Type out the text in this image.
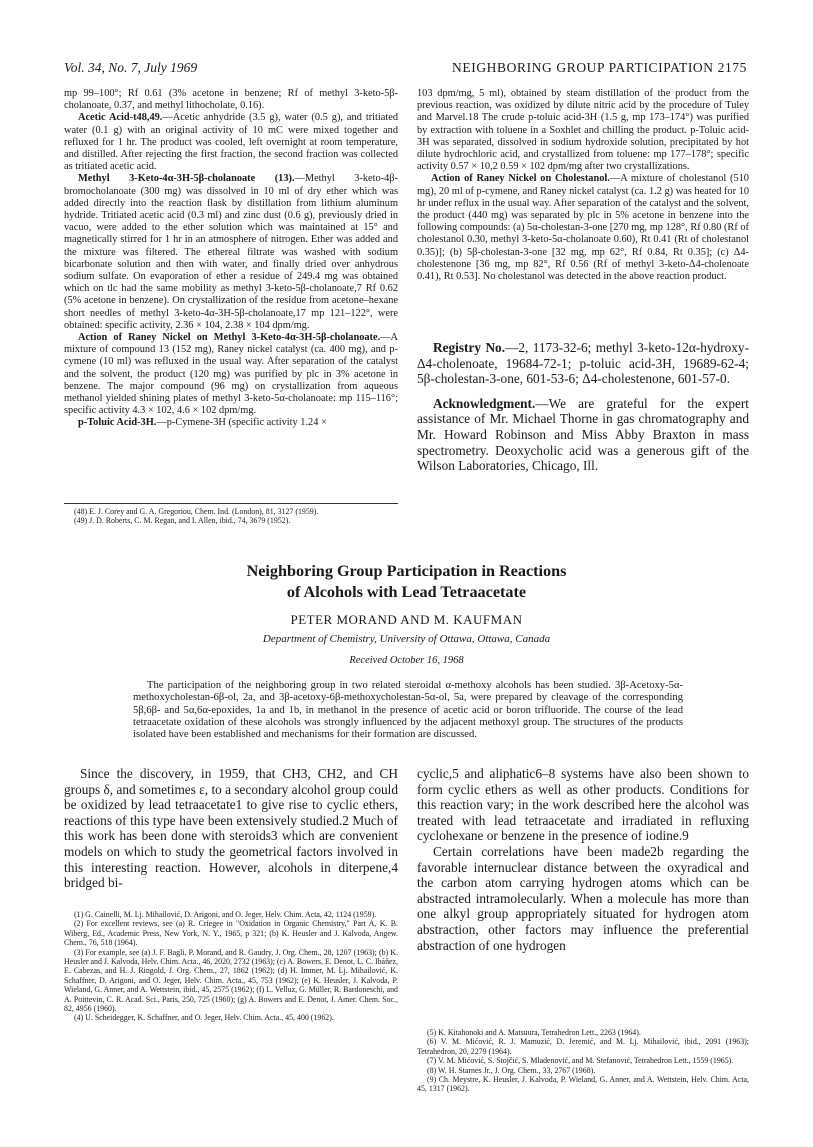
Vol. 34, No. 7, July 1969	NEIGHBORING GROUP PARTICIPATION 2175

mp 99–100°; Rf 0.61 (3% acetone in benzene; Rf of methyl 3-keto-5β-cholanoate, 0.37, and methyl lithocholate, 0.16).

Acetic Acid-t48,49.—Acetic anhydride (3.5 g), water (0.5 g), and tritiated water (0.1 g) with an original activity of 10 mC were mixed together and refluxed for 1 hr. The product was cooled, left overnight at room temperature, and distilled. After rejecting the first fraction, the second fraction was collected as tritiated acetic acid.

Methyl 3-Keto-4α-3H-5β-cholanoate (13).—Methyl 3-keto-4β-bromocholanoate (300 mg) was dissolved in 10 ml of dry ether which was added directly into the reaction flask by distillation from lithium aluminum hydride. Tritiated acetic acid (0.3 ml) and zinc dust (0.6 g), previously dried in vacuo, were added to the ether solution which was maintained at 15° and magnetically stirred for 1 hr in an atmosphere of nitrogen. Ether was added and the mixture was filtered. The ethereal filtrate was washed with sodium bicarbonate solution and then with water, and finally dried over anhydrous sodium sulfate. On evaporation of ether a residue of 249.4 mg was obtained which on tlc had the same mobility as methyl 3-keto-5β-cholanoate,7 Rf 0.62 (5% acetone in benzene). On crystallization of the residue from acetone–hexane short needles of methyl 3-keto-4α-3H-5β-cholanoate,17 mp 121–122°, were obtained: specific activity, 2.36 × 104, 2.38 × 104 dpm/mg.

Action of Raney Nickel on Methyl 3-Keto-4α-3H-5β-cholanoate.—A mixture of compound 13 (152 mg), Raney nickel catalyst (ca. 400 mg), and p-cymene (10 ml) was refluxed in the usual way. After separation of the catalyst and the solvent, the product (120 mg) was purified by plc in 3% acetone in benzene. The major compound (96 mg) on crystallization from aqueous methanol yielded shining plates of methyl 3-keto-5α-cholanoate: mp 115–116°; specific activity 4.3 × 102, 4.6 × 102 dpm/mg.

p-Toluic Acid-3H.—p-Cymene-3H (specific activity 1.24 ×

(48) E. J. Corey and G. A. Gregoriou, Chem. Ind. (London), 81, 3127 (1959).

(49) J. D. Roberts, C. M. Regan, and I. Allen, ibid., 74, 3679 (1952).

103 dpm/mg, 5 ml), obtained by steam distillation of the product from the previous reaction, was oxidized by dilute nitric acid by the procedure of Tuley and Marvel.18 The crude p-toluic acid-3H (1.5 g, mp 173–174°) was purified by extraction with toluene in a Soxhlet and chilling the product. p-Toluic acid-3H was separated, dissolved in sodium hydroxide solution, precipitated by hot dilute hydrochloric acid, and crystallized from toluene: mp 177–178°; specific activity 0.57 × 10,2 0.59 × 102 dpm/mg after two crystallizations.

Action of Raney Nickel on Cholestanol.—A mixture of cholestanol (510 mg), 20 ml of p-cymene, and Raney nickel catalyst (ca. 1.2 g) was heated for 10 hr under reflux in the usual way. After separation of the catalyst and the solvent, the product (440 mg) was separated by plc in 5% acetone in benzene into the following compounds: (a) 5α-cholestan-3-one [270 mg, mp 128°, Rf 0.80 (Rf of cholestanol 0.30, methyl 3-keto-5α-cholanoate 0.60), Rt 0.41 (Rt of cholestanol 0.35)]; (b) 5β-cholestan-3-one [32 mg, mp 62°, Rf 0.84, Rt 0.35]; (c) Δ4-cholestenone [36 mg, mp 82°, Rf 0.56 (Rf of methyl 3-keto-Δ4-cholenoate 0.41), Rt 0.53]. No cholestanol was detected in the above reaction product.

Registry No.—2, 1173-32-6; methyl 3-keto-12α-hydroxy-Δ4-cholenoate, 19684-72-1; p-toluic acid-3H, 19689-62-4; 5β-cholestan-3-one, 601-53-6; Δ4-cholestenone, 601-57-0.

Acknowledgment.—We are grateful for the expert assistance of Mr. Michael Thorne in gas chromatography and Mr. Howard Robinson and Miss Abby Braxton in mass spectrometry. Deoxycholic acid was a generous gift of the Wilson Laboratories, Chicago, Ill.

Neighboring Group Participation in Reactions
of Alcohols with Lead Tetraacetate
PETER MORAND AND M. KAUFMAN
Department of Chemistry, University of Ottawa, Ottawa, Canada
Received October 16, 1968
The participation of the neighboring group in two related steroidal α-methoxy alcohols has been studied. 3β-Acetoxy-5α-methoxycholestan-6β-ol, 2a, and 3β-acetoxy-6β-methoxycholestan-5α-ol, 5a, were prepared by cleavage of the corresponding 5β,6β- and 5α,6α-epoxides, 1a and 1b, in methanol in the presence of acetic acid or boron trifluoride. The course of the lead tetraacetate oxidation of these alcohols was strongly influenced by the adjacent methoxyl group. The structures of the products isolated have been established and mechanisms for their formation are discussed.

Since the discovery, in 1959, that CH3, CH2, and CH groups δ, and sometimes ε, to a secondary alcohol group could be oxidized by lead tetraacetate1 to give rise to cyclic ethers, reactions of this type have been extensively studied.2 Much of this work has been done with steroids3 which are convenient models on which to study the geometrical factors involved in this interesting reaction. However, alcohols in diterpene,4 bridged bi-

(1) G. Cainelli, M. Lj. Mihailović, D. Arigoni, and O. Jeger, Helv. Chim. Acta, 42, 1124 (1959).

(2) For excellent reviews, see (a) R. Criegee in "Oxidation in Organic Chemistry," Part A, K. B. Wiberg, Ed., Academic Press, New York, N. Y., 1965, p 321; (b) K. Heusler and J. Kalvoda, Angew. Chem., 76, 518 (1964).

(3) For example, see (a) J. F. Bagli, P. Morand, and R. Gaudry, J. Org. Chem., 28, 1207 (1963); (b) K. Heusler and J. Kalvoda, Helv. Chim. Acta., 46, 2020, 2732 (1963); (c) A. Bowers, E. Denot, L. C. Ibáñez, E. Cabezas, and H. J. Ringold, J. Org. Chem., 27, 1862 (1962); (d) H. Immer, M. Lj. Mihailović, K. Schaffner, D. Arigoni, and O. Jeger, Helv. Chim. Acta., 45, 753 (1962); (e) K. Heusler, J. Kalvoda, P. Wieland, G. Anner, and A. Wettstein, ibid., 45, 2575 (1962); (f) L. Velluz, G. Müller, R. Bardoneschi, and A. Poittevin, C. R. Acad. Sci., Paris, 250, 725 (1960); (g) A. Bowers and E. Denot, J. Amer. Chem. Soc., 82, 4956 (1960).

(4) U. Scheidegger, K. Schaffner, and O. Jeger, Helv. Chim. Acta., 45, 400 (1962).

cyclic,5 and aliphatic6–8 systems have also been shown to form cyclic ethers as well as other products. Conditions for this reaction vary; in the work described here the alcohol was treated with lead tetraacetate and irradiated in refluxing cyclohexane or benzene in the presence of iodine.9

Certain correlations have been made2b regarding the favorable internuclear distance between the oxyradical and the carbon atom carrying hydrogen atoms which can be abstracted intramolecularly. When a molecule has more than one alkyl group appropriately situated for hydrogen atom abstraction, other factors may influence the preferential abstraction of one hydrogen

(5) K. Kitahonoki and A. Matsuura, Tetrahedron Lett., 2263 (1964).

(6) V. M. Mićović, R. J. Mamuzić, D. Jeremić, and M. Lj. Mihailović, ibid., 2091 (1963); Tetrahedron, 20, 2279 (1964).

(7) V. M. Mićović, S. Stojčić, S. Mladenović, and M. Stefanović, Tetrahedron Lett., 1559 (1965).

(8) W. H. Starnes Jr., J. Org. Chem., 33, 2767 (1968).

(9) Ch. Meystre, K. Heusler, J. Kalvoda, P. Wieland, G. Anner, and A. Wettstein, Helv. Chim. Acta, 45, 1317 (1962).
